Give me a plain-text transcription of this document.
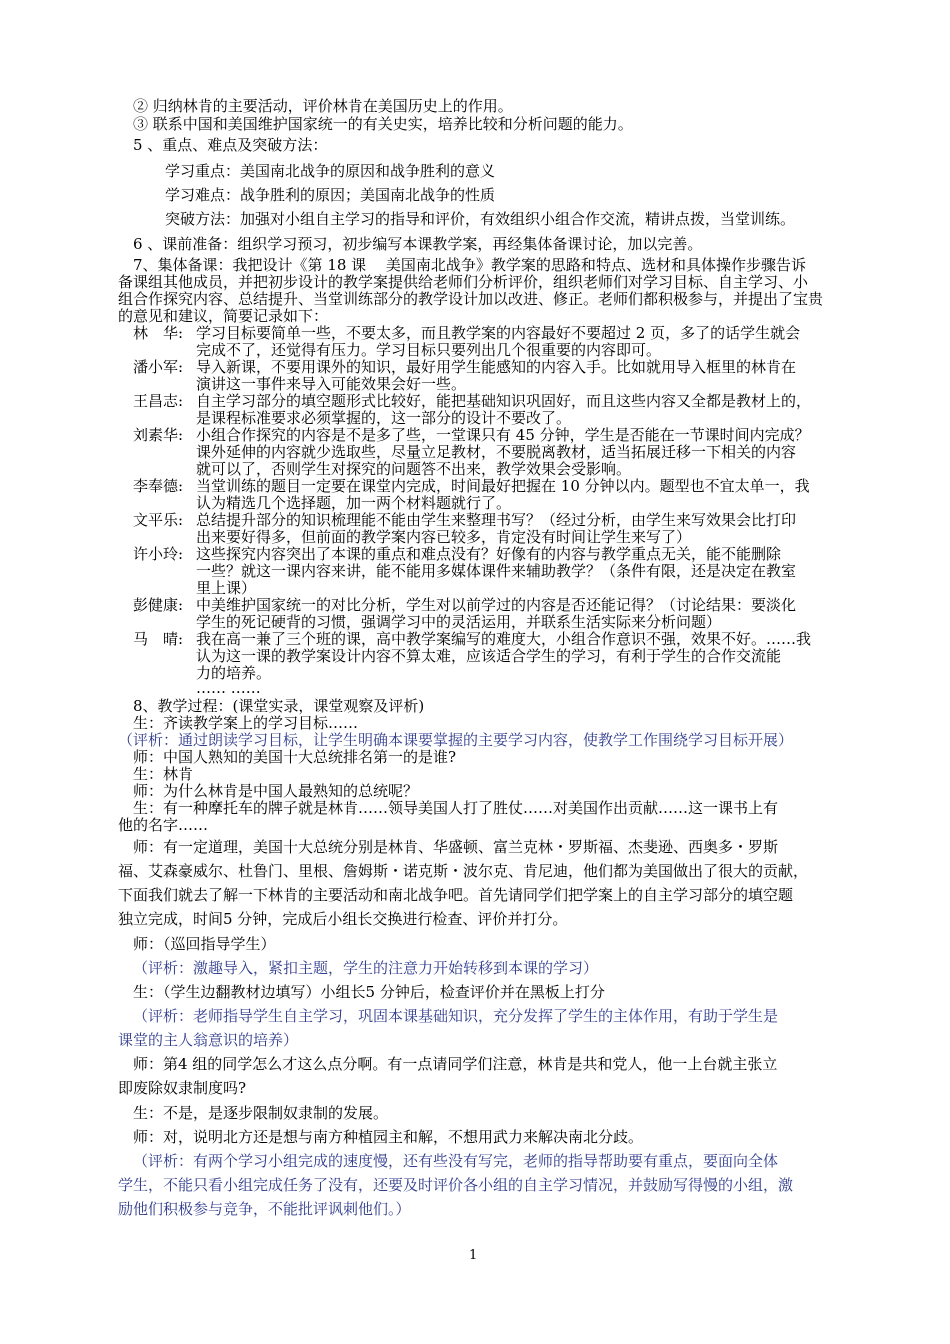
② 归纳林肯的主要活动，评价林肯在美国历史上的作用。
③ 联系中国和美国维护国家统一的有关史实，培养比较和分析问题的能力。
5 、重点、难点及突破方法：
学习重点：美国南北战争的原因和战争胜利的意义
学习难点：战争胜利的原因；美国南北战争的性质
突破方法：加强对小组自主学习的指导和评价，有效组织小组合作交流，精讲点拨，当堂训练。
6 、课前准备：组织学习预习，初步编写本课教学案，再经集体备课讨论，加以完善。
7、集体备课：我把设计《第 18 课　 美国南北战争》教学案的思路和特点、选材和具体操作步骤告诉
备课组其他成员，并把初步设计的教学案提供给老师们分析评价，组织老师们对学习目标、自主学习、小
组合作探究内容、总结提升、当堂训练部分的教学设计加以改进、修正。老师们都积极参与，并提出了宝贵
的意见和建议，简要记录如下：
林　华: 学习目标要简单一些，不要太多，而且教学案的内容最好不要超过 2 页，多了的话学生就会
完成不了，还觉得有压力。学习目标只要列出几个很重要的内容即可。
潘小军: 导入新课，不要用课外的知识，最好用学生能感知的内容入手。比如就用导入框里的林肯在
演讲这一事件来导入可能效果会好一些。
王昌志: 自主学习部分的填空题形式比较好，能把基础知识巩固好，而且这些内容又全都是教材上的，
是课程标准要求必须掌握的，这一部分的设计不要改了。
刘素华: 小组合作探究的内容是不是多了些，一堂课只有 45 分钟，学生是否能在一节课时间内完成？
课外延伸的内容就少选取些，尽量立足教材，不要脱离教材，适当拓展迁移一下相关的内容
就可以了，否则学生对探究的问题答不出来，教学效果会受影响。
李奉德: 当堂训练的题目一定要在课堂内完成，时间最好把握在 10 分钟以内。题型也不宜太单一，我
认为精选几个选择题，加一两个材料题就行了。
文平乐: 总结提升部分的知识梳理能不能由学生来整理书写？（经过分析，由学生来写效果会比打印
出来要好得多，但前面的教学案内容已较多，肯定没有时间让学生来写了）
许小玲: 这些探究内容突出了本课的重点和难点没有？好像有的内容与教学重点无关，能不能删除
一些？就这一课内容来讲，能不能用多媒体课件来辅助教学？（条件有限，还是决定在教室
里上课）
彭健康: 中美维护国家统一的对比分析，学生对以前学过的内容是否还能记得？（讨论结果：要淡化
学生的死记硬背的习惯，强调学习中的灵活运用，并联系生活实际来分析问题）
马　晴: 我在高一兼了三个班的课，高中教学案编写的难度大，小组合作意识不强，效果不好。……我
认为这一课的教学案设计内容不算太难，应该适合学生的学习，有利于学生的合作交流能
力的培养。
…… ……
8、教学过程：(课堂实录，课堂观察及评析)
生：齐读教学案上的学习目标……
（评析：通过朗读学习目标，让学生明确本课要掌握的主要学习内容，使教学工作围绕学习目标开展）
师：中国人熟知的美国十大总统排名第一的是谁?
生：林肯
师：为什么林肯是中国人最熟知的总统呢？
生：有一种摩托车的牌子就是林肯……领导美国人打了胜仗……对美国作出贡献……这一课书上有
他的名字……
师：有一定道理，美国十大总统分别是林肯、华盛顿、富兰克林・罗斯福、杰斐逊、西奥多・罗斯
福、艾森豪威尔、杜鲁门、里根、詹姆斯・诺克斯・波尔克、肯尼迪，他们都为美国做出了很大的贡献，
下面我们就去了解一下林肯的主要活动和南北战争吧。首先请同学们把学案上的自主学习部分的填空题
独立完成，时间5 分钟，完成后小组长交换进行检查、评价并打分。
师：（巡回指导学生）
（评析：激趣导入，紧扣主题，学生的注意力开始转移到本课的学习）
生：（学生边翻教材边填写）小组长5 分钟后，检查评价并在黑板上打分
（评析：老师指导学生自主学习，巩固本课基础知识，充分发挥了学生的主体作用，有助于学生是
课堂的主人翁意识的培养）
师：第4 组的同学怎么才这么点分啊。有一点请同学们注意，林肯是共和党人，他一上台就主张立
即废除奴隶制度吗?
生：不是，是逐步限制奴隶制的发展。
师：对，说明北方还是想与南方种植园主和解，不想用武力来解决南北分歧。
（评析：有两个学习小组完成的速度慢，还有些没有写完，老师的指导帮助要有重点，要面向全体
学生，不能只看小组完成任务了没有，还要及时评价各小组的自主学习情况，并鼓励写得慢的小组，激
励他们积极参与竞争，不能批评讽刺他们。）
1
